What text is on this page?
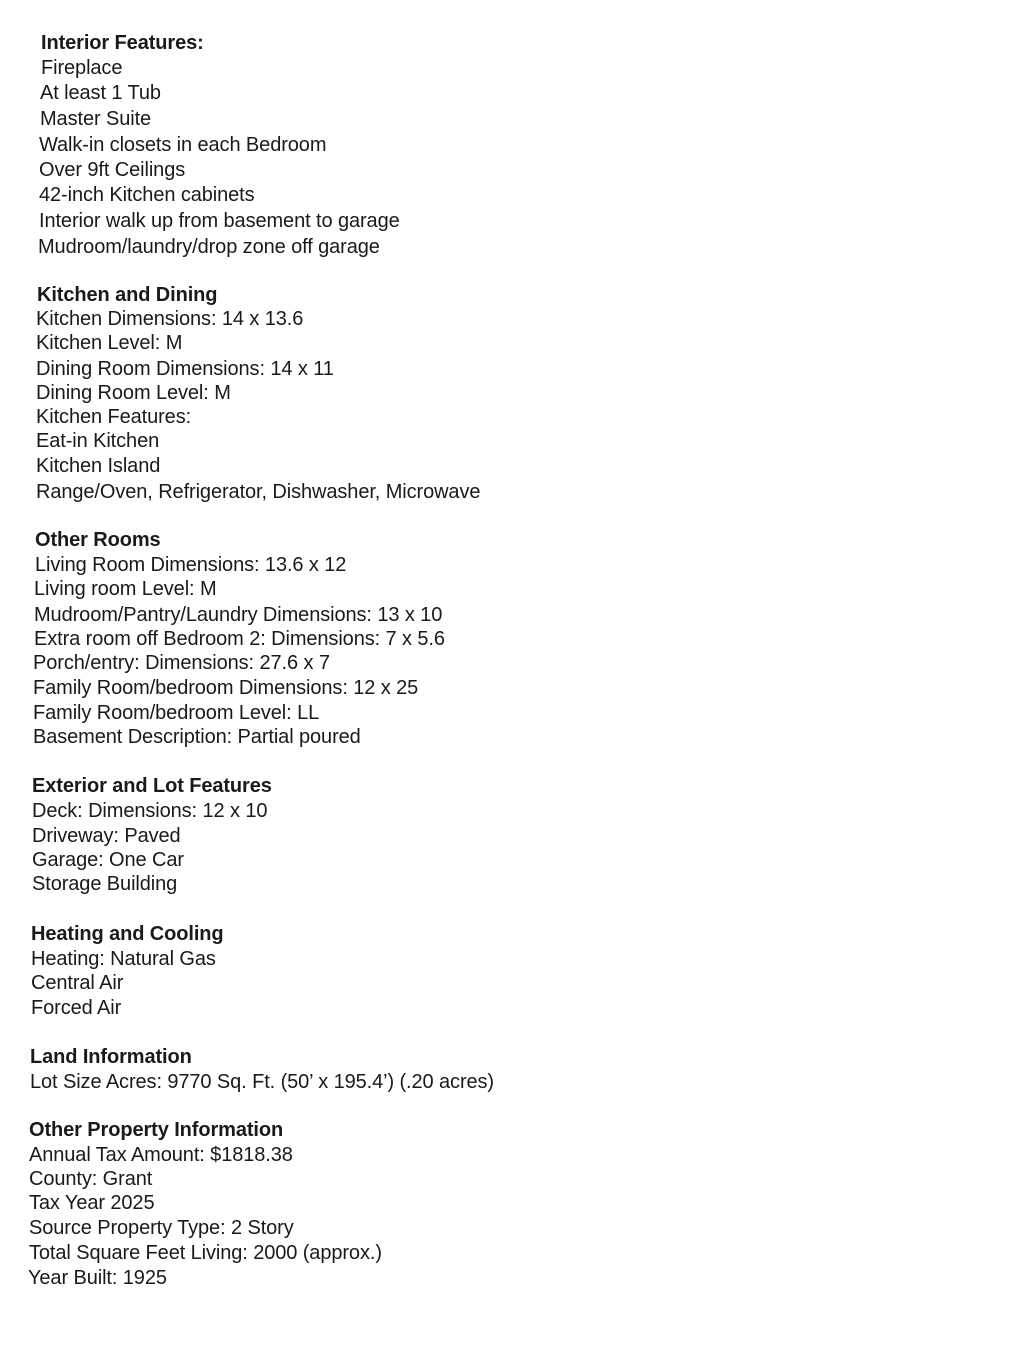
Interior Features:
Fireplace
At least 1 Tub
Master Suite
Walk-in closets in each Bedroom
Over 9ft Ceilings
42-inch Kitchen cabinets
Interior walk up from basement to garage
Mudroom/laundry/drop zone off garage
Kitchen and Dining
Kitchen Dimensions: 14 x 13.6
Kitchen Level: M
Dining Room Dimensions: 14 x 11
Dining Room Level: M
Kitchen Features:
Eat-in Kitchen
Kitchen Island
Range/Oven, Refrigerator, Dishwasher, Microwave
Other Rooms
Living Room Dimensions: 13.6 x 12
Living room Level: M
Mudroom/Pantry/Laundry Dimensions: 13 x 10
Extra room off Bedroom 2: Dimensions: 7 x 5.6
Porch/entry: Dimensions: 27.6 x 7
Family Room/bedroom Dimensions: 12 x 25
Family Room/bedroom Level: LL
Basement Description: Partial poured
Exterior and Lot Features
Deck: Dimensions: 12 x 10
Driveway: Paved
Garage: One Car
Storage Building
Heating and Cooling
Heating: Natural Gas
Central Air
Forced Air
Land Information
Lot Size Acres: 9770 Sq. Ft. (50’ x 195.4’) (.20 acres)
Other Property Information
Annual Tax Amount: $1818.38
County: Grant
Tax Year 2025
Source Property Type: 2 Story
Total Square Feet Living: 2000 (approx.)
Year Built: 1925
